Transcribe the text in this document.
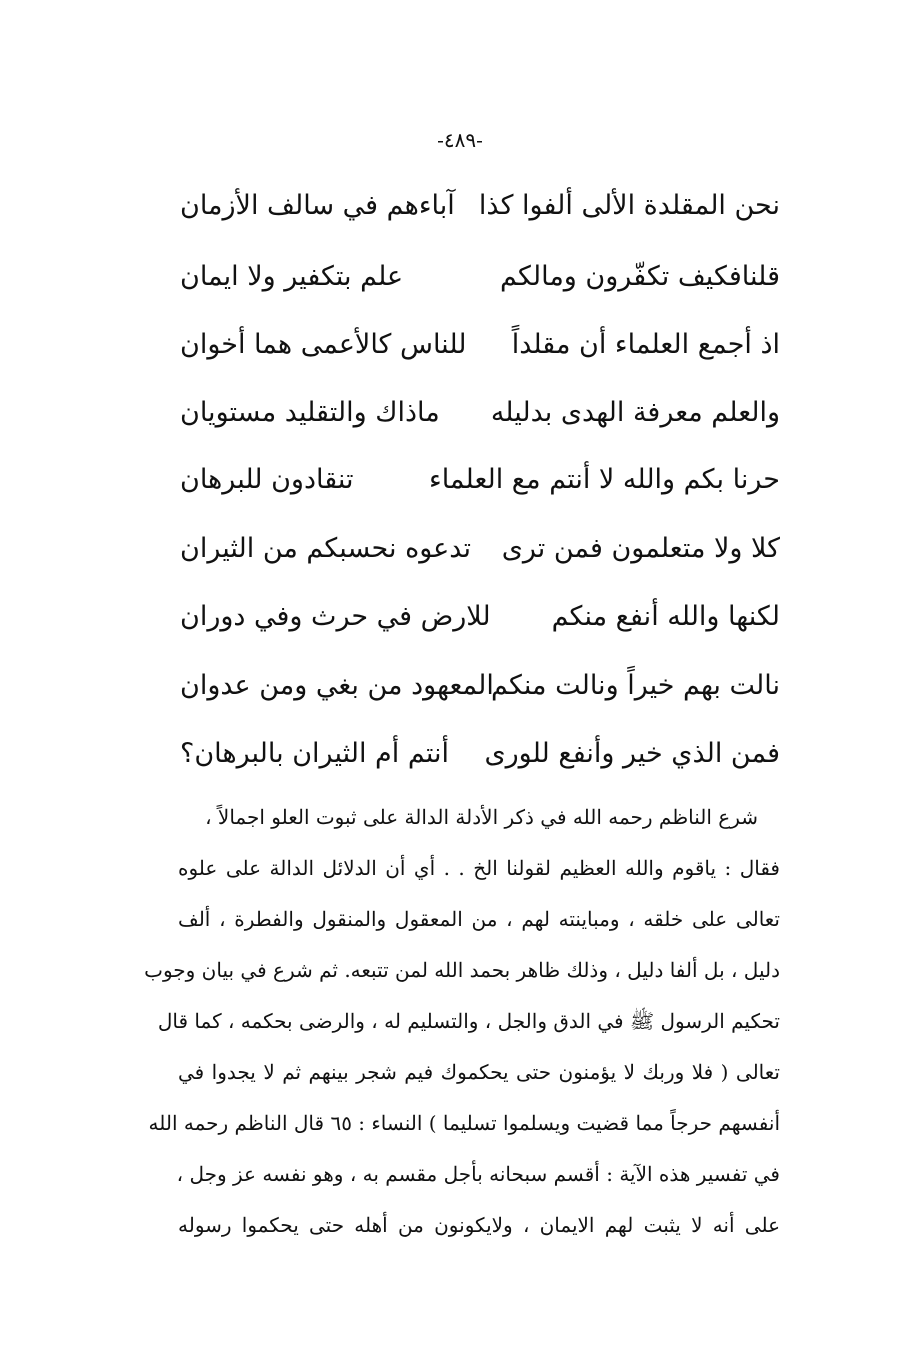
-٤٨٩-
نحن المقلدة الألى ألفوا كذا
آباءهم في سالف الأزمان
قلنافكيف تكفّرون ومالكم
علم بتكفير ولا ايمان
اذ أجمع العلماء أن مقلداً
للناس كالأعمى هما أخوان
والعلم معرفة الهدى بدليله
ماذاك والتقليد مستويان
حرنا بكم والله لا أنتم مع العلماء
تنقادون للبرهان
كلا ولا متعلمون فمن ترى
تدعوه نحسبكم من الثيران
لكنها والله أنفع منكم
للارض في حرث وفي دوران
نالت بهم خيراً ونالت منكم
المعهود من بغي ومن عدوان
فمن الذي خير وأنفع للورى
أنتم أم الثيران بالبرهان؟
شرع الناظم رحمه الله في ذكر الأدلة الدالة على ثبوت العلو اجمالاً ،
فقال : ياقوم والله العظيم لقولنا الخ . . أي أن الدلائل الدالة على علوه
تعالى على خلقه ، ومباينته لهم ، من المعقول والمنقول والفطرة ، ألف
دليل ، بل ألفا دليل ، وذلك ظاهر بحمد الله لمن تتبعه. ثم شرع في بيان وجوب
تحكيم الرسول ﷺ في الدق والجل ، والتسليم له ، والرضى بحكمه ، كما قال
تعالى ( فلا وربك لا يؤمنون حتى يحكموك فيم شجر بينهم ثم لا يجدوا في
أنفسهم حرجاً مما قضيت ويسلموا تسليما ) النساء : ٦٥ قال الناظم رحمه الله
في تفسير هذه الآية : أقسم سبحانه بأجل مقسم به ، وهو نفسه عز وجل ،
على أنه لا يثبت لهم الايمان ، ولايكونون من أهله حتى يحكموا رسوله
